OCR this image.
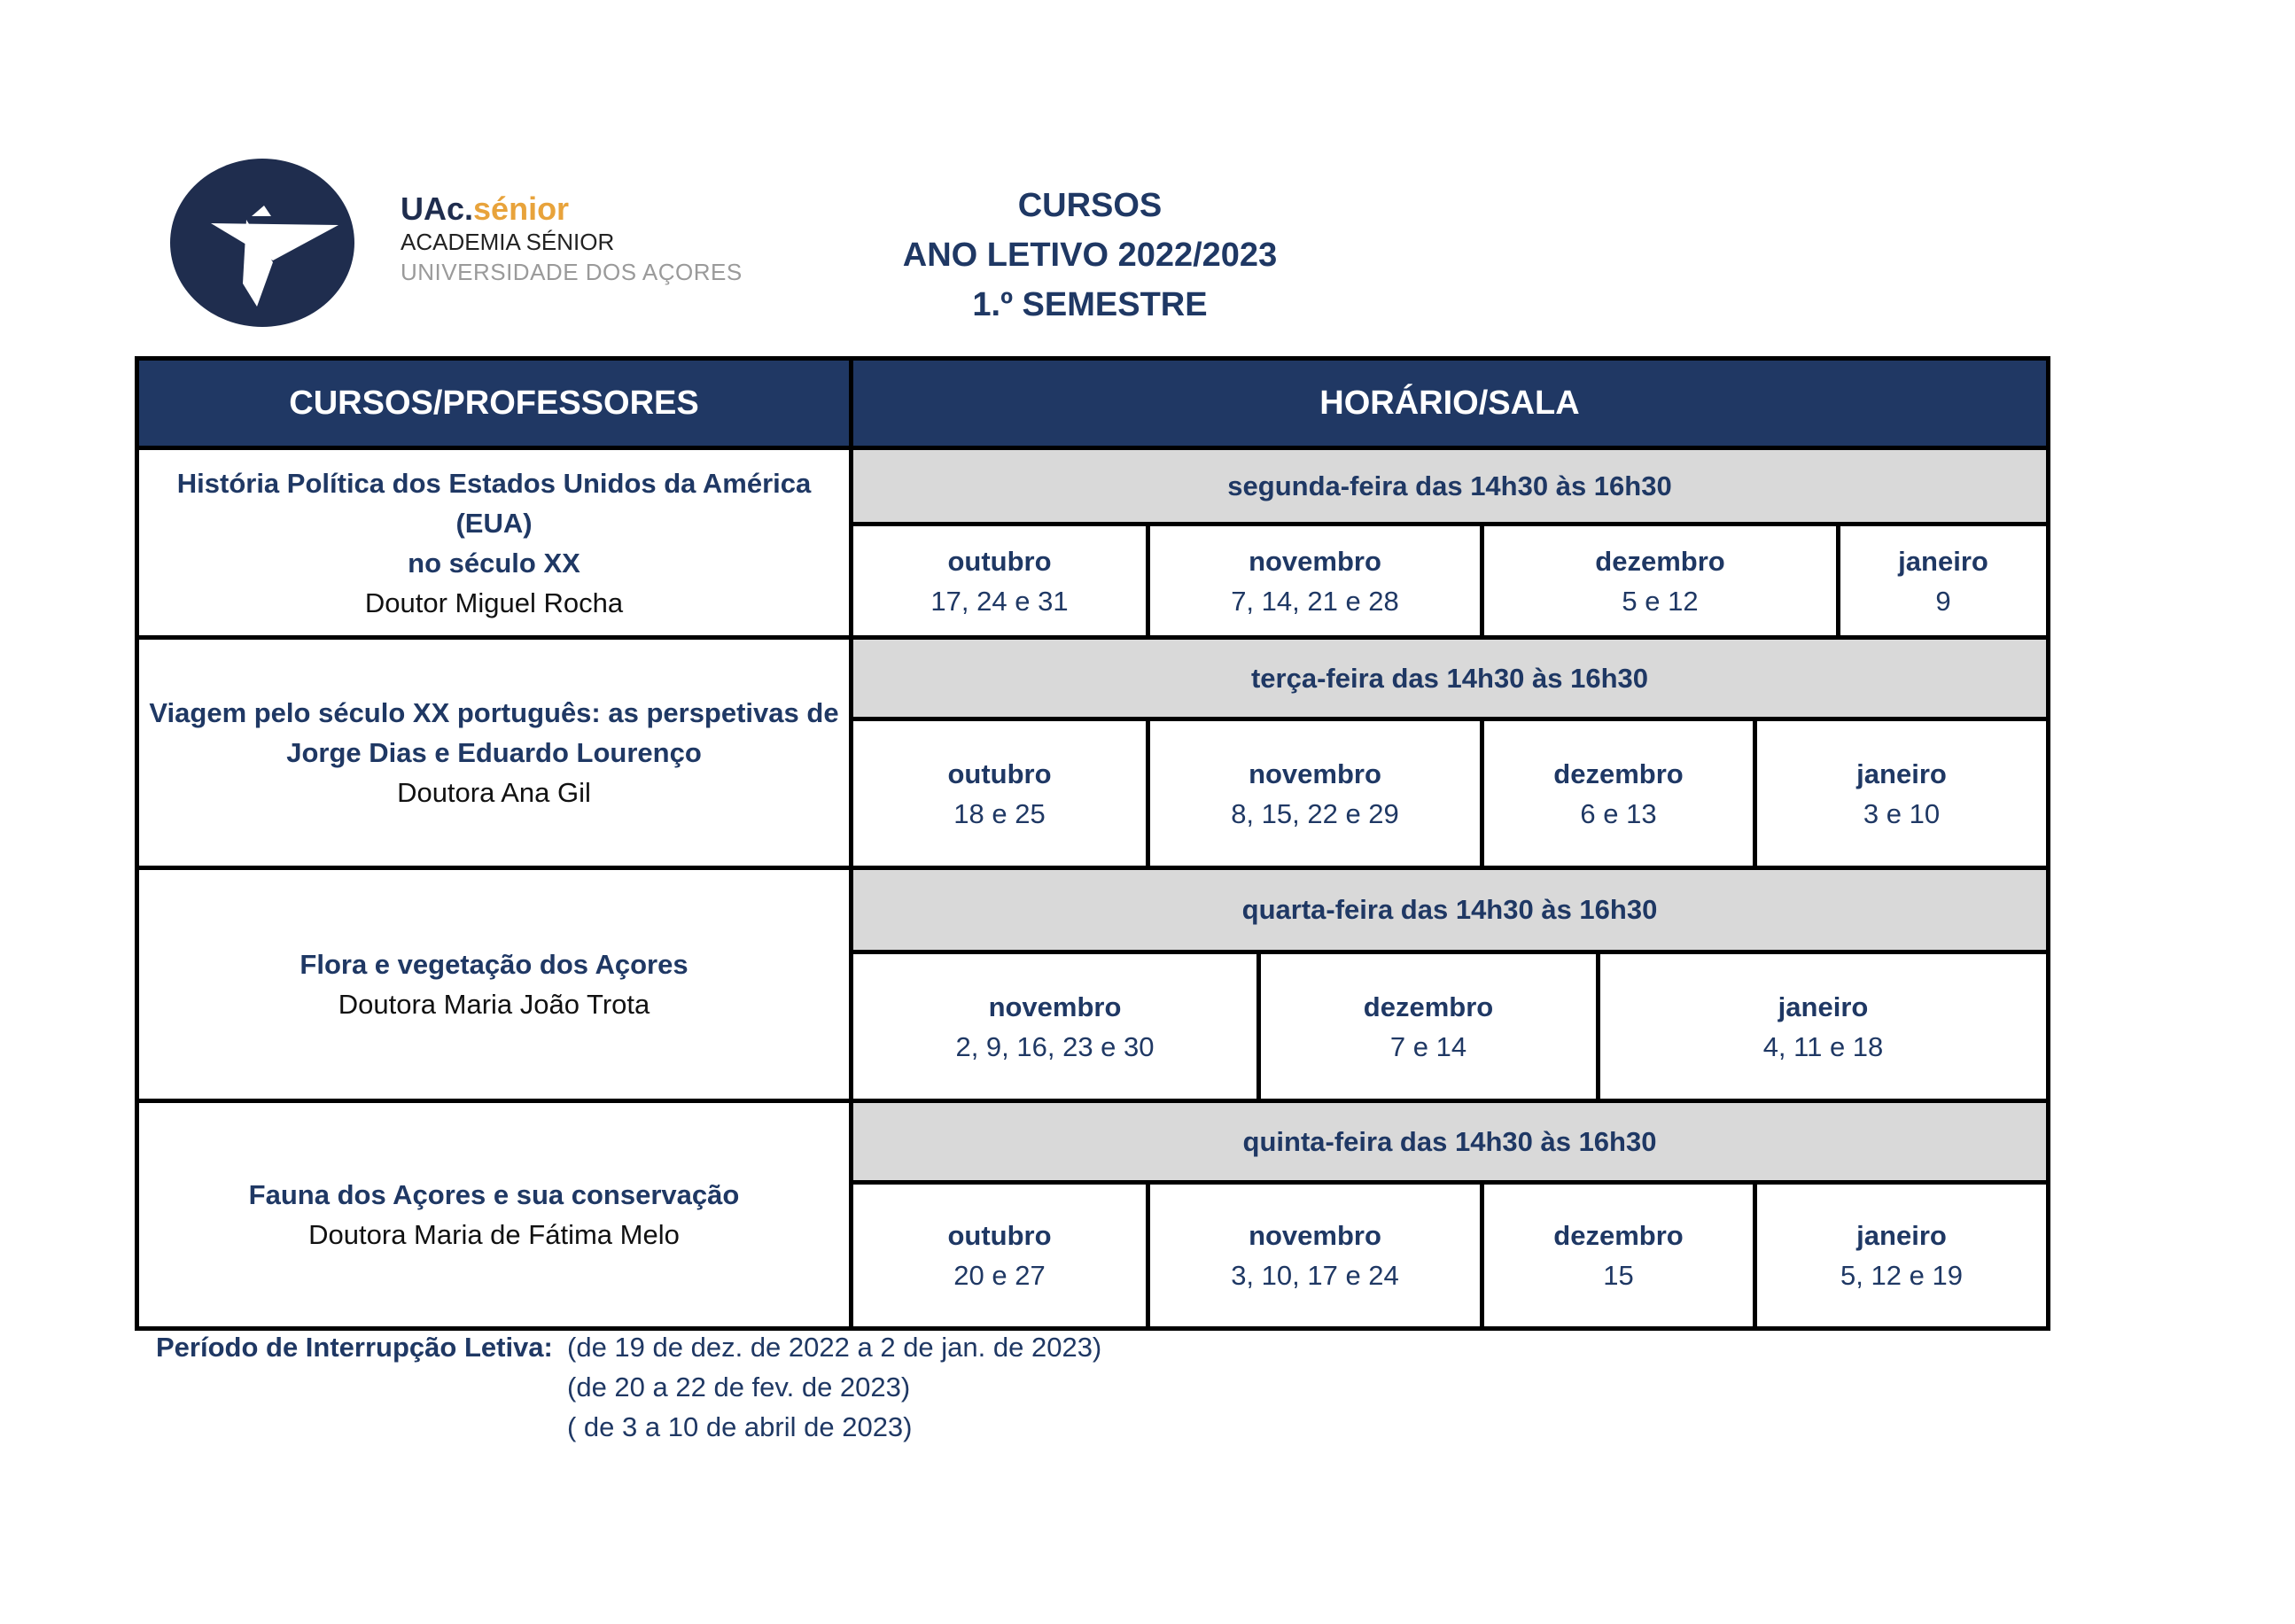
UAc.sénior
ACADEMIA SÉNIOR
UNIVERSIDADE DOS AÇORES
CURSOS
ANO LETIVO 2022/2023
1.º SEMESTRE
CURSOS/PROFESSORES	HORÁRIO/SALA
História Política dos Estados Unidos da América (EUA)
no século XX
Doutor Miguel Rocha
segunda-feira das 14h30 às 16h30
outubro
17, 24 e 31
novembro
7, 14, 21 e 28
dezembro
5 e 12
janeiro
9
Viagem pelo século XX português: as perspetivas de
Jorge Dias e Eduardo Lourenço
Doutora Ana Gil
terça-feira das 14h30 às 16h30
outubro
18 e 25
novembro
8, 15, 22 e 29
dezembro
6 e 13
janeiro
3 e 10
Flora e vegetação dos Açores
Doutora Maria João Trota
quarta-feira das 14h30 às 16h30
novembro
2, 9, 16, 23 e 30
dezembro
7 e 14
janeiro
4, 11 e 18
Fauna dos Açores e sua conservação
Doutora Maria de Fátima Melo
quinta-feira das 14h30 às 16h30
outubro
20 e 27
novembro
3, 10, 17 e 24
dezembro
15
janeiro
5, 12 e 19
Período de Interrupção Letiva: (de 19 de dez. de 2022 a 2 de jan. de 2023)
(de 20 a 22 de fev. de 2023)
( de 3 a 10 de abril de 2023)
